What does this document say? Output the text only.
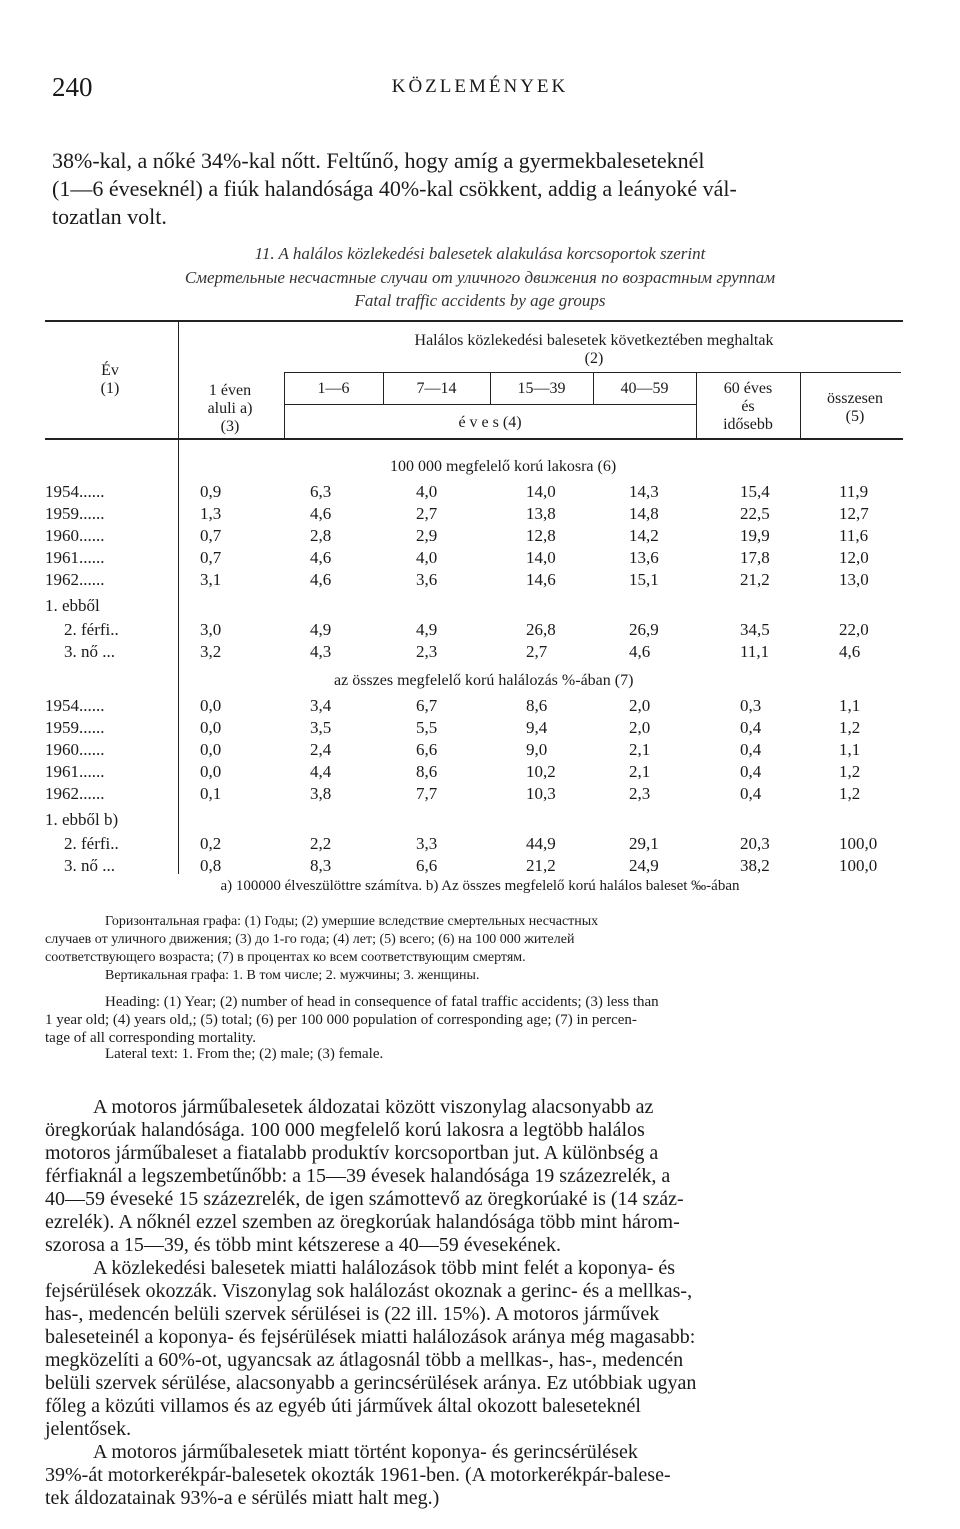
240	KÖZLEMÉNYEK
38%-kal, a nőké 34%-kal nőtt. Feltűnő, hogy amíg a gyermekbaleseteknél
(1—6 éveseknél) a fiúk halandósága 40%-kal csökkent, addig a leányoké vál-
tozatlan volt.
11. A halálos közlekedési balesetek alakulása korcsoportok szerint
Смертельные несчастные случаи от уличного движения по возрастным группам
Fatal traffic accidents by age groups
Év
(1)
Halálos közlekedési balesetek következtében meghaltak
(2)
1 éven
aluli a)
(3)
1—6	7—14	15—39	40—59
é v e s (4)
60 éves
és
idősebb
összesen
(5)
100 000 megfelelő korú lakosra (6)
1954......	0,9	6,3	4,0	14,0	14,3	15,4	11,9
1959......	1,3	4,6	2,7	13,8	14,8	22,5	12,7
1960......	0,7	2,8	2,9	12,8	14,2	19,9	11,6
1961......	0,7	4,6	4,0	14,0	13,6	17,8	12,0
1962......	3,1	4,6	3,6	14,6	15,1	21,2	13,0
1. ebből
2. férfi..	3,0	4,9	4,9	26,8	26,9	34,5	22,0
3. nő ...	3,2	4,3	2,3	2,7	4,6	11,1	4,6
az összes megfelelő korú halálozás %-ában (7)
1954......	0,0	3,4	6,7	8,6	2,0	0,3	1,1
1959......	0,0	3,5	5,5	9,4	2,0	0,4	1,2
1960......	0,0	2,4	6,6	9,0	2,1	0,4	1,1
1961......	0,0	4,4	8,6	10,2	2,1	0,4	1,2
1962......	0,1	3,8	7,7	10,3	2,3	0,4	1,2
1. ebből b)
2. férfi..	0,2	2,2	3,3	44,9	29,1	20,3	100,0
3. nő ...	0,8	8,3	6,6	21,2	24,9	38,2	100,0
a) 100000 élveszülöttre számítva. b) Az összes megfelelő korú halálos baleset ‰-ában
Горизонтальная графа: (1) Годы; (2) умершие вследствие смертельных несчастных
случаев от уличного движения; (3) до 1-го года; (4) лет; (5) всего; (6) на 100 000 жителей
соответствующего возраста; (7) в процентах ко всем соответствующим смертям.
Вертикальная графа: 1. В том числе; 2. мужчины; 3. женщины.
Heading: (1) Year; (2) number of head in consequence of fatal traffic accidents; (3) less than
1 year old; (4) years old,; (5) total; (6) per 100 000 population of corresponding age; (7) in percen-
tage of all corresponding mortality.
Lateral text: 1. From the; (2) male; (3) female.
A motoros járműbalesetek áldozatai között viszonylag alacsonyabb az
öregkorúak halandósága. 100 000 megfelelő korú lakosra a legtöbb halálos
motoros járműbaleset a fiatalabb produktív korcsoportban jut. A különbség a
férfiaknál a legszembetűnőbb: a 15—39 évesek halandósága 19 százezrelék, a
40—59 éveseké 15 százezrelék, de igen számottevő az öregkorúaké is (14 száz-
ezrelék). A nőknél ezzel szemben az öregkorúak halandósága több mint három-
szorosa a 15—39, és több mint kétszerese a 40—59 évesekének.
A közlekedési balesetek miatti halálozások több mint felét a koponya- és
fejsérülések okozzák. Viszonylag sok halálozást okoznak a gerinc- és a mellkas-,
has-, medencén belüli szervek sérülései is (22 ill. 15%). A motoros járművek
baleseteinél a koponya- és fejsérülések miatti halálozások aránya még magasabb:
megközelíti a 60%-ot, ugyancsak az átlagosnál több a mellkas-, has-, medencén
belüli szervek sérülése, alacsonyabb a gerincsérülések aránya. Ez utóbbiak ugyan
főleg a közúti villamos és az egyéb úti járművek által okozott baleseteknél
jelentősek.
A motoros járműbalesetek miatt történt koponya- és gerincsérülések
39%-át motorkerékpár-balesetek okozták 1961-ben. (A motorkerékpár-balese-
tek áldozatainak 93%-a e sérülés miatt halt meg.)
